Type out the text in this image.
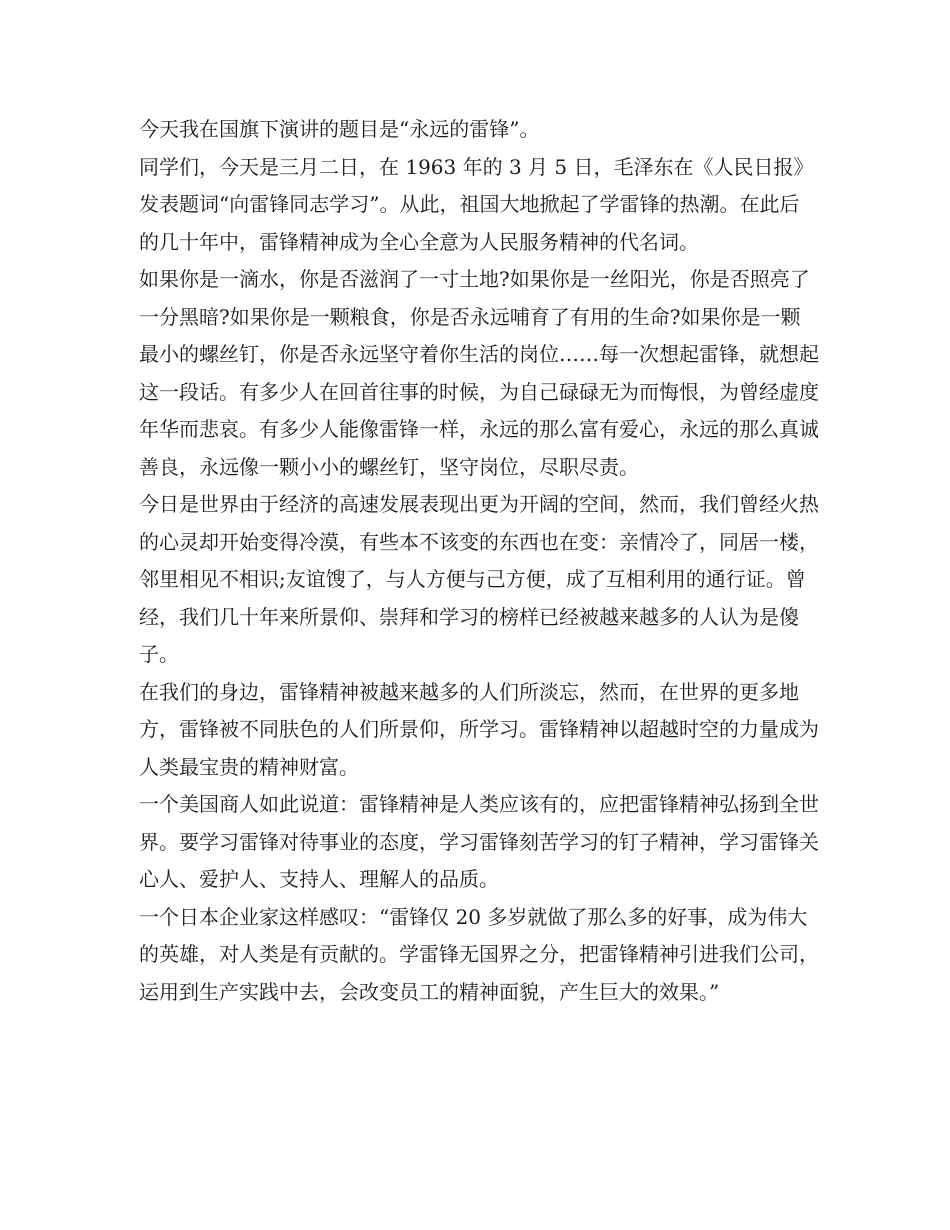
今天我在国旗下演讲的题目是“永远的雷锋”。

同学们，今天是三月二日，在 1963 年的 3 月 5 日，毛泽东在《人民日报》发表题词“向雷锋同志学习”。从此，祖国大地掀起了学雷锋的热潮。在此后的几十年中，雷锋精神成为全心全意为人民服务精神的代名词。

如果你是一滴水，你是否滋润了一寸土地?如果你是一丝阳光，你是否照亮了一分黑暗?如果你是一颗粮食，你是否永远哺育了有用的生命?如果你是一颗最小的螺丝钉，你是否永远坚守着你生活的岗位……每一次想起雷锋，就想起这一段话。有多少人在回首往事的时候，为自己碌碌无为而悔恨，为曾经虚度年华而悲哀。有多少人能像雷锋一样，永远的那么富有爱心，永远的那么真诚善良，永远像一颗小小的螺丝钉，坚守岗位，尽职尽责。

今日是世界由于经济的高速发展表现出更为开阔的空间，然而，我们曾经火热的心灵却开始变得冷漠，有些本不该变的东西也在变：亲情冷了，同居一楼，邻里相见不相识;友谊馊了，与人方便与己方便，成了互相利用的通行证。曾经，我们几十年来所景仰、崇拜和学习的榜样已经被越来越多的人认为是傻子。

在我们的身边，雷锋精神被越来越多的人们所淡忘，然而，在世界的更多地方，雷锋被不同肤色的人们所景仰，所学习。雷锋精神以超越时空的力量成为人类最宝贵的精神财富。

一个美国商人如此说道：雷锋精神是人类应该有的，应把雷锋精神弘扬到全世界。要学习雷锋对待事业的态度，学习雷锋刻苦学习的钉子精神，学习雷锋关心人、爱护人、支持人、理解人的品质。

一个日本企业家这样感叹：“雷锋仅 20 多岁就做了那么多的好事，成为伟大的英雄，对人类是有贡献的。学雷锋无国界之分，把雷锋精神引进我们公司，运用到生产实践中去，会改变员工的精神面貌，产生巨大的效果。”
